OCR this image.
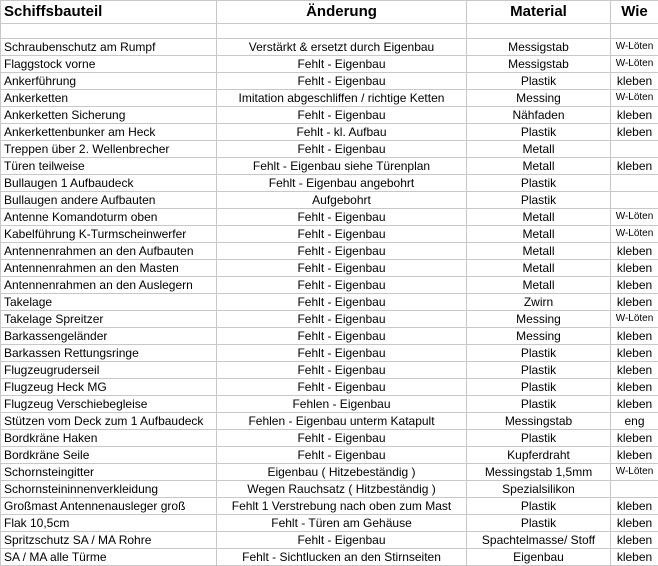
Schiffsbauteil	Änderung	Material	Wie

Schraubenschutz am Rumpf	Verstärkt & ersetzt durch Eigenbau	Messigstab	W-Löten
Flaggstock vorne	Fehlt - Eigenbau	Messigstab	W-Löten
Ankerführung	Fehlt - Eigenbau	Plastik	kleben
Ankerketten	Imitation abgeschliffen / richtige Ketten	Messing	W-Löten
Ankerketten Sicherung	Fehlt - Eigenbau	Nähfaden	kleben
Ankerkettenbunker am Heck	Fehlt - kl. Aufbau	Plastik	kleben
Treppen über 2. Wellenbrecher	Fehlt - Eigenbau	Metall	
Türen teilweise	Fehlt - Eigenbau siehe Türenplan	Metall	kleben
Bullaugen 1 Aufbaudeck	Fehlt - Eigenbau angebohrt	Plastik	
Bullaugen andere Aufbauten	Aufgebohrt	Plastik	
Antenne Komandoturm oben	Fehlt - Eigenbau	Metall	W-Löten
Kabelführung K-Turmscheinwerfer	Fehlt - Eigenbau	Metall	W-Löten
Antennenrahmen an den Aufbauten	Fehlt - Eigenbau	Metall	kleben
Antennenrahmen an den Masten	Fehlt - Eigenbau	Metall	kleben
Antennenrahmen an den Auslegern	Fehlt - Eigenbau	Metall	kleben
Takelage	Fehlt - Eigenbau	Zwirn	kleben
Takelage Spreitzer	Fehlt - Eigenbau	Messing	W-Löten
Barkassengeländer	Fehlt - Eigenbau	Messing	kleben
Barkassen Rettungsringe	Fehlt - Eigenbau	Plastik	kleben
Flugzeugruderseil	Fehlt - Eigenbau	Plastik	kleben
Flugzeug Heck MG	Fehlt - Eigenbau	Plastik	kleben
Flugzeug Verschiebegleise	Fehlen - Eigenbau	Plastik	kleben
Stützen vom Deck zum 1 Aufbaudeck	Fehlen - Eigenbau unterm Katapult	Messingstab	eng
Bordkräne Haken	Fehlt - Eigenbau	Plastik	kleben
Bordkräne Seile	Fehlt - Eigenbau	Kupferdraht	kleben
Schornsteingitter	Eigenbau ( Hitzebeständig )	Messingstab 1,5mm	W-Löten
Schornsteininnenverkleidung	Wegen Rauchsatz ( Hitzbeständig )	Spezialsilikon	
Großmast Antennenausleger groß	Fehlt 1 Verstrebung nach oben zum Mast	Plastik	kleben
Flak 10,5cm	Fehlt - Türen am Gehäuse	Plastik	kleben
Spritzschutz SA / MA Rohre	Fehlt - Eigenbau	Spachtelmasse/ Stoff	kleben
SA / MA alle Türme	Fehlt - Sichtlucken an den Stirnseiten	Eigenbau	kleben
